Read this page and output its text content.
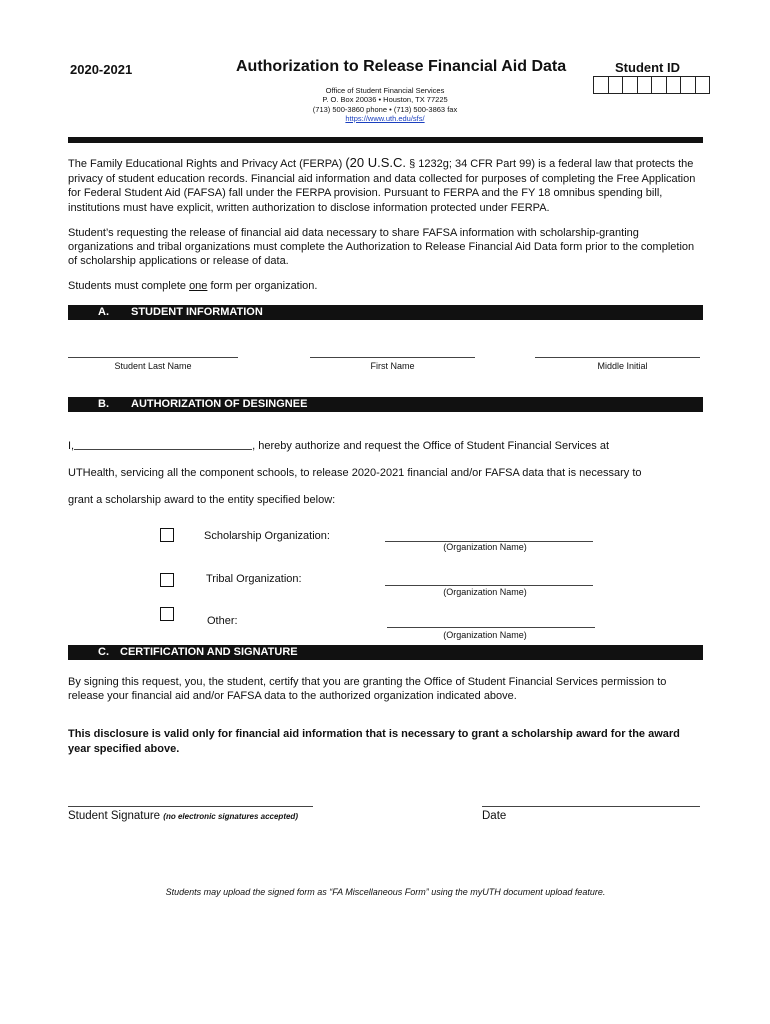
2020-2021	Authorization to Release Financial Aid Data	Student ID
Office of Student Financial Services
P. O. Box 20036 • Houston, TX 77225
(713) 500-3860 phone • (713) 500-3863 fax
https://www.uth.edu/sfs/
The Family Educational Rights and Privacy Act (FERPA) (20 U.S.C. § 1232g; 34 CFR Part 99) is a federal law that protects the privacy of student education records. Financial aid information and data collected for purposes of completing the Free Application for Federal Student Aid (FAFSA) fall under the FERPA provision. Pursuant to FERPA and the FY 18 omnibus spending bill, institutions must have explicit, written authorization to disclose information protected under FERPA.
Student’s requesting the release of financial aid data necessary to share FAFSA information with scholarship-granting organizations and tribal organizations must complete the Authorization to Release Financial Aid Data form prior to the completion of scholarship applications or release of data.
Students must complete one form per organization.
A. STUDENT INFORMATION
Student Last Name	First Name	Middle Initial
B. AUTHORIZATION OF DESINGNEE
I,	, hereby authorize and request the Office of Student Financial Services at
UTHealth, servicing all the component schools, to release 2020-2021 financial and/or FAFSA data that is necessary to
grant a scholarship award to the entity specified below:
Scholarship Organization:
(Organization Name)
Tribal Organization:
(Organization Name)
Other:
(Organization Name)
C. CERTIFICATION AND SIGNATURE
By signing this request, you, the student, certify that you are granting the Office of Student Financial Services permission to release your financial aid and/or FAFSA data to the authorized organization indicated above.
This disclosure is valid only for financial aid information that is necessary to grant a scholarship award for the award year specified above.
Student Signature (no electronic signatures accepted)	Date
Students may upload the signed form as “FA Miscellaneous Form” using the myUTH document upload feature.
